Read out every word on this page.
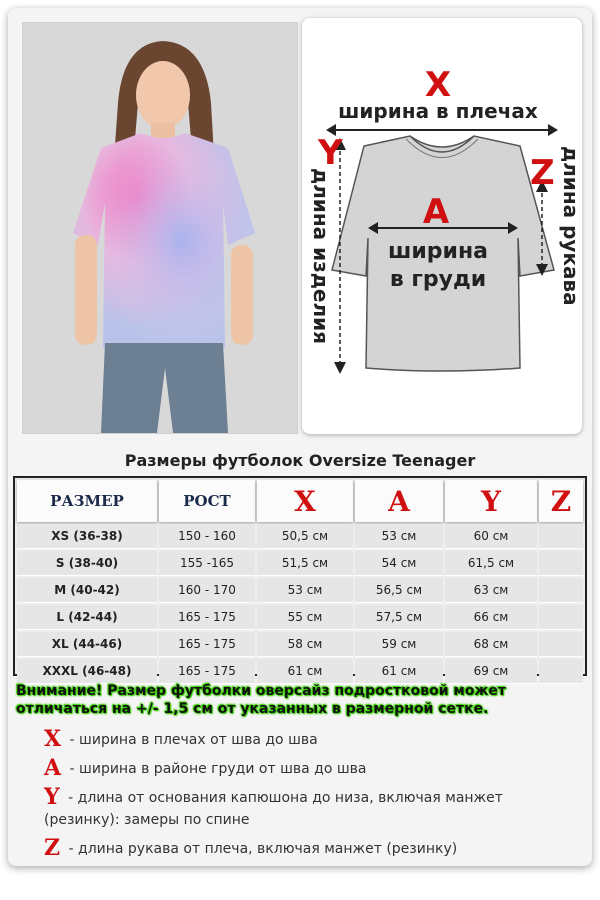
X
A
Y	Z
ширина в плечах
ширина
в груди
длина изделия	длина рукава
Размеры футболок Oversize Teenager
РАЗМЕР	РОСТ	X	A	Y	Z
XS (36-38)	150 - 160	50,5 см	53 см	60 см	
S (38-40)	155 -165	51,5 см	54 см	61,5 см	
M (40-42)	160 - 170	53 см	56,5 см	63 см	
L (42-44)	165 - 175	55 см	57,5 см	66 см	
XL (44-46)	165 - 175	58 см	59 см	68 см	
XXXL (46-48)	165 - 175	61 см	61 см	69 см	
Внимание! Размер футболки оверсайз подростковой может отличаться на +/- 1,5 см от указанных в размерной сетке.
X - ширина в плечах от шва до шва
A - ширина в районе груди от шва до шва
Y - длина от основания капюшона до низа, включая манжет (резинку): замеры по спине
Z - длина рукава от плеча, включая манжет (резинку)
